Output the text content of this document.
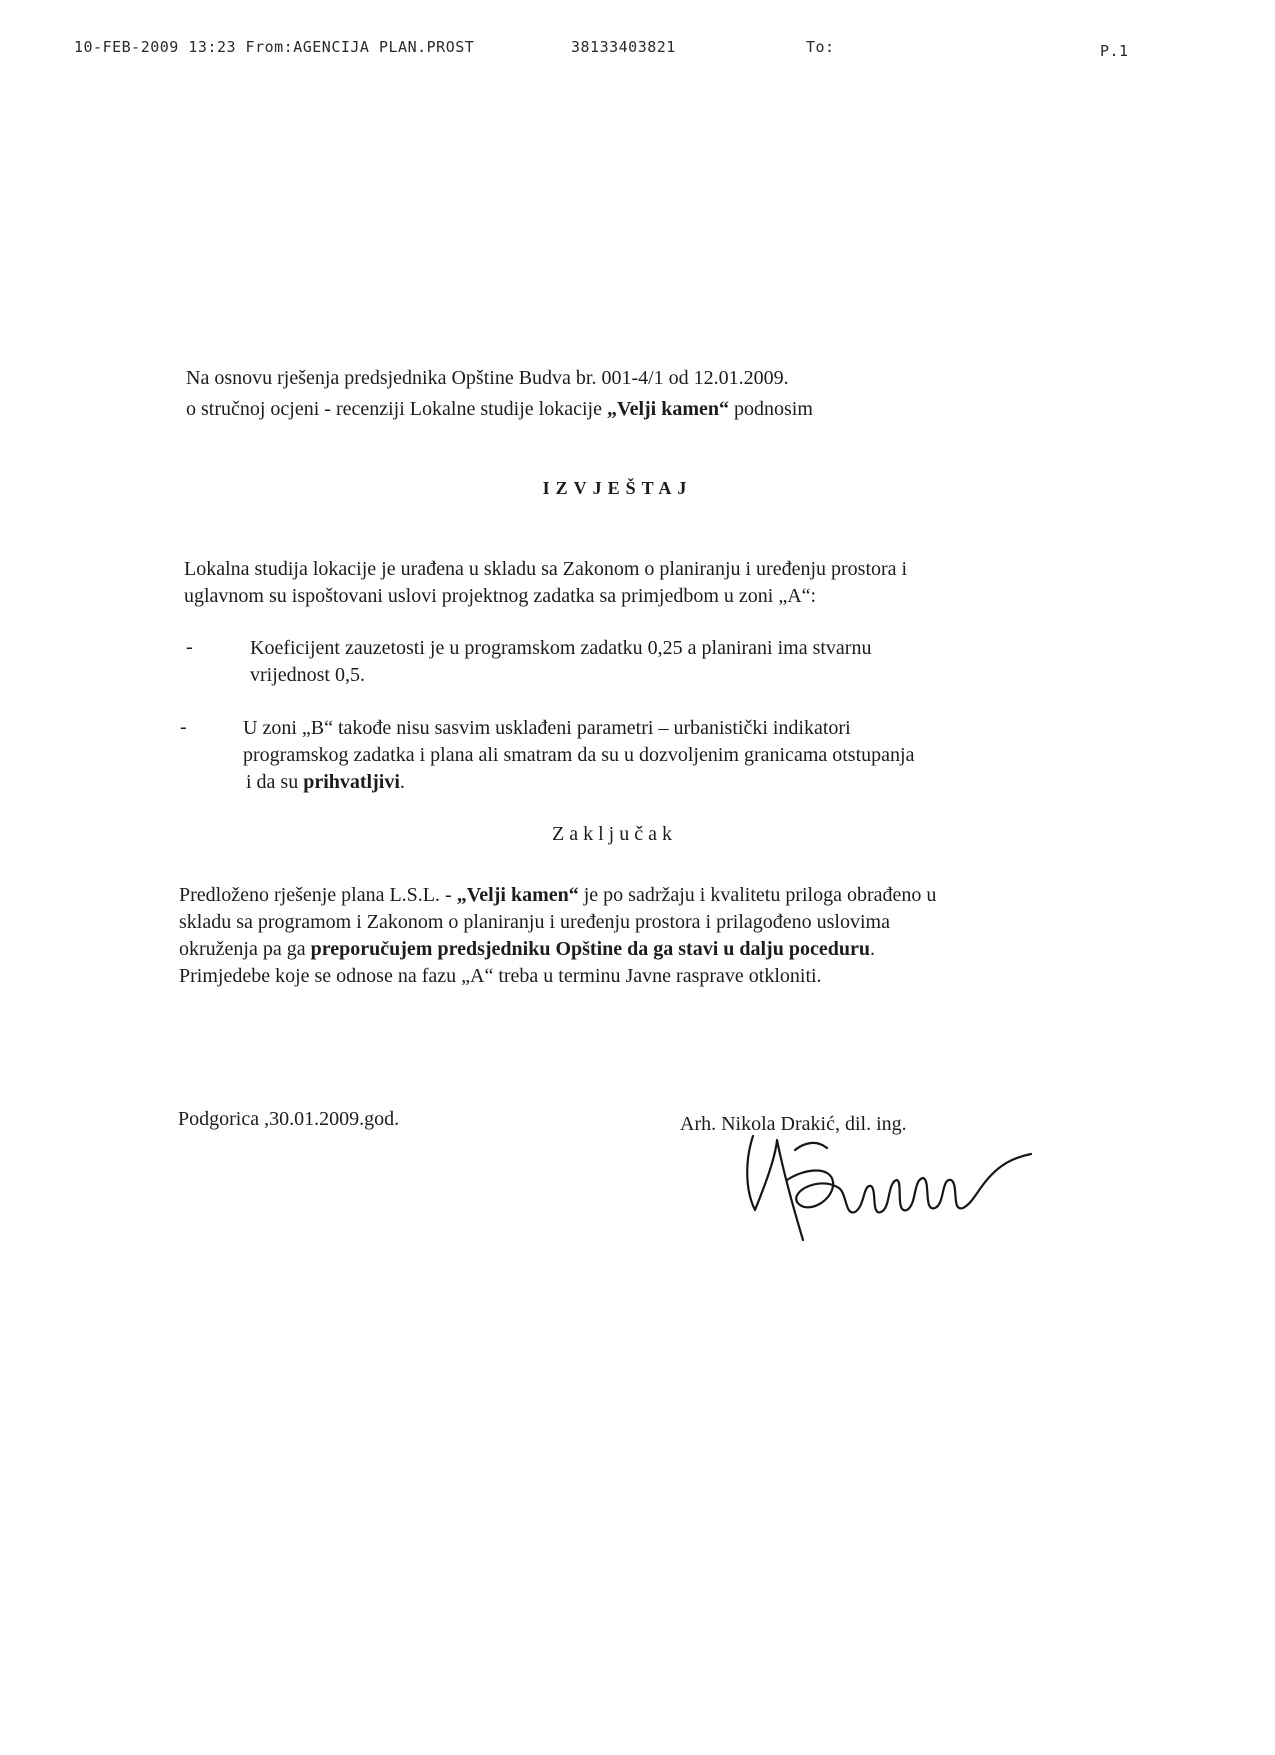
10-FEB-2009 13:23 From:AGENCIJA PLAN.PROST	38133403821	To:	P.1
Na osnovu rješenja predsjednika Opštine Budva br. 001-4/1 od 12.01.2009.
o stručnoj ocjeni - recenziji Lokalne studije lokacije „Velji kamen“ podnosim
IZVJEŠTAJ
Lokalna studija lokacije je urađena u skladu sa Zakonom o planiranju i uređenju prostora i
uglavnom su ispoštovani uslovi projektnog zadatka sa primjedbom u zoni „A“:
-	Koeficijent zauzetosti je u programskom zadatku 0,25 a planirani ima stvarnu
vrijednost 0,5.
-	U zoni „B“ takođe nisu sasvim usklađeni parametri – urbanistički indikatori
programskog zadatka i plana ali smatram da su u dozvoljenim granicama otstupanja
i da su prihvatljivi.
Zaključak
Predloženo rješenje plana L.S.L. - „Velji kamen“ je po sadržaju i kvalitetu priloga obrađeno u
skladu sa programom i Zakonom o planiranju i uređenju prostora i prilagođeno uslovima
okruženja pa ga preporučujem predsjedniku Opštine da ga stavi u dalju poceduru.
Primjedebe koje se odnose na fazu „A“ treba u terminu Javne rasprave otkloniti.
Podgorica ,30.01.2009.god.	Arh. Nikola Drakić, dil. ing.
